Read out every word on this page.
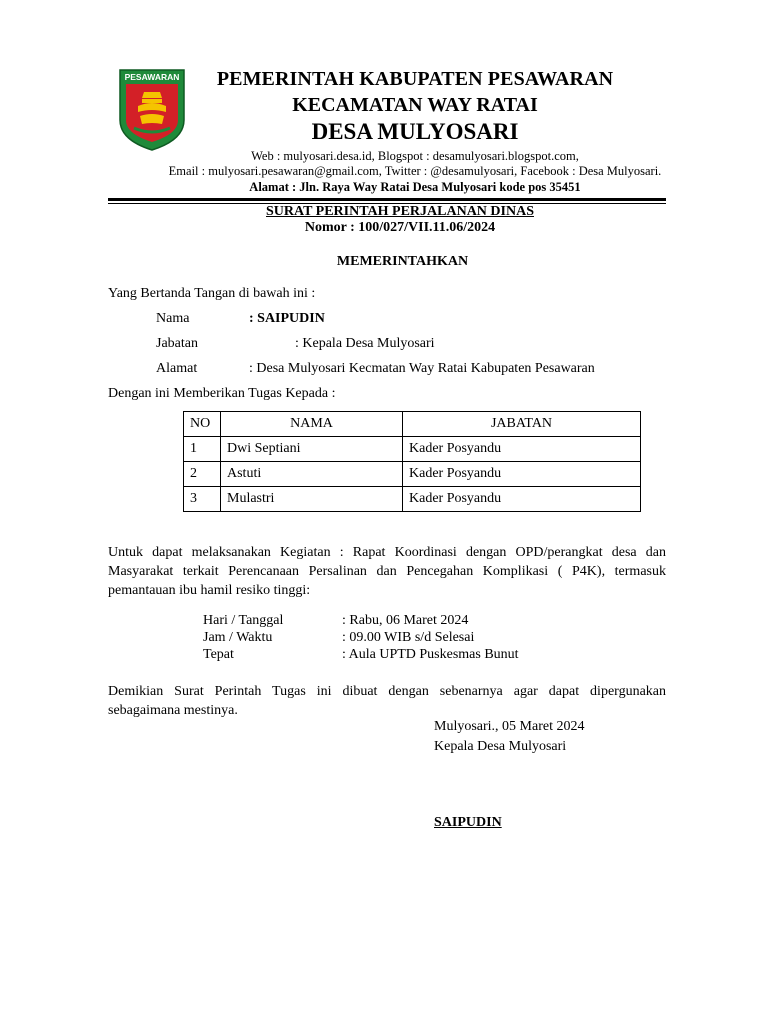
PESAWARAN	PEMERINTAH KABUPATEN PESAWARAN
KECAMATAN WAY RATAI
DESA MULYOSARI
Web : mulyosari.desa.id, Blogspot : desamulyosari.blogspot.com,
Email : mulyosari.pesawaran@gmail.com, Twitter : @desamulyosari, Facebook : Desa Mulyosari.
Alamat : Jln. Raya Way Ratai Desa Mulyosari kode pos 35451
SURAT PERINTAH PERJALANAN DINAS
Nomor : 100/027/VII.11.06/2024
MEMERINTAHKAN
Yang Bertanda Tangan di bawah ini :
Nama	: SAIPUDIN
Jabatan	: Kepala Desa Mulyosari
Alamat	: Desa Mulyosari Kecmatan Way Ratai Kabupaten Pesawaran
Dengan ini Memberikan Tugas Kepada :
NO	NAMA	JABATAN
1	Dwi Septiani	Kader Posyandu
2	Astuti	Kader Posyandu
3	Mulastri	Kader Posyandu
Untuk dapat melaksanakan Kegiatan : Rapat Koordinasi dengan OPD/perangkat desa dan Masyarakat terkait Perencanaan Persalinan dan Pencegahan Komplikasi ( P4K), termasuk pemantauan ibu hamil resiko tinggi:
Hari / Tanggal	: Rabu, 06 Maret 2024
Jam / Waktu	: 09.00 WIB s/d Selesai
Tepat	: Aula UPTD Puskesmas Bunut
Demikian Surat Perintah Tugas ini dibuat dengan sebenarnya agar dapat dipergunakan sebagaimana mestinya.
Mulyosari., 05 Maret 2024
Kepala Desa Mulyosari
SAIPUDIN
